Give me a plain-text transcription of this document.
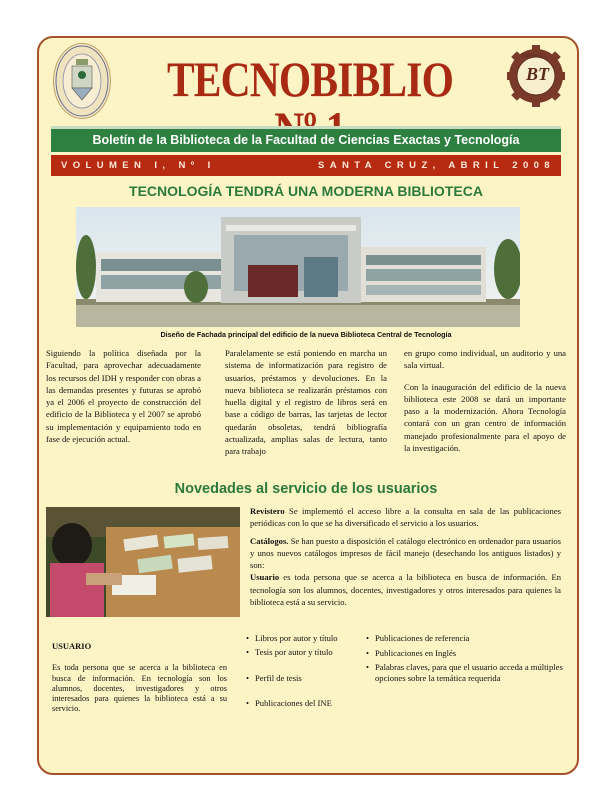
BT
Biblioteca
TECNOBIBLIO
Boletín de la Biblioteca de la Facultad de Ciencias Exactas y Tecnología
VOLUMEN I, Nº I	SANTA CRUZ, ABRIL 2008
TECNOLOGÍA TENDRÁ UNA MODERNA BIBLIOTECA
Diseño de Fachada principal del edificio de la nueva Biblioteca Central de Tecnología

Siguiendo la política diseñada por la Facultad, para aprovechar adecuadamente los recursos del IDH y responder con obras a las demandas presentes y futuras se aprobó ya el 2006 el proyecto de construcción del edificio de la Biblioteca y el 2007 se aprobó su implementación y equipamiento todo en fase de ejecución actual.

Paralelamente se está poniendo en marcha un sistema de informatización para registro de usuarios, préstamos y devoluciones. En la nueva biblioteca se realizarán préstamos con huella digital y el registro de libros será en base a código de barras, las tarjetas de lector quedarán obsoletas, tendrá bibliografía actualizada, amplias salas de lectura, tanto para trabajo

en grupo como individual, un auditorio y una sala virtual.

Con la inauguración del edificio de la nueva biblioteca este 2008 se dará un importante paso a la modernización. Ahora Tecnología contará con un gran centro de información manejado profesionalmente para el apoyo de la investigación.

Novedades al servicio de los usuarios

Revistero Se implementó el acceso libre a la consulta en sala de las publicaciones periódicas con lo que se ha diversificado el servicio a los usuarios.

Catálogos. Se han puesto a disposición el catálogo electrónico en ordenador para usuarios y unos nuevos catálogos impresos de fácil manejo (desechando los antiguos listados) y son:

Usuario es toda persona que se acerca a la biblioteca en busca de información. En tecnología son los alumnos, docentes, investigadores y otros interesados para quienes la biblioteca está a su servicio.

USUARIO
Es toda persona que se acerca a la biblioteca en busca de información. En tecnología son los alumnos, docentes, investigadores y otros interesados para quienes la biblioteca está a su servicio.
• Libros por autor y título
• Tesis por autor y título
• Perfil de tesis
• Publicaciones del INE
• Publicaciones de referencia
• Publicaciones en Inglés
• Palabras claves, para que el usuario acceda a múltiples opciones sobre la temática requerida
